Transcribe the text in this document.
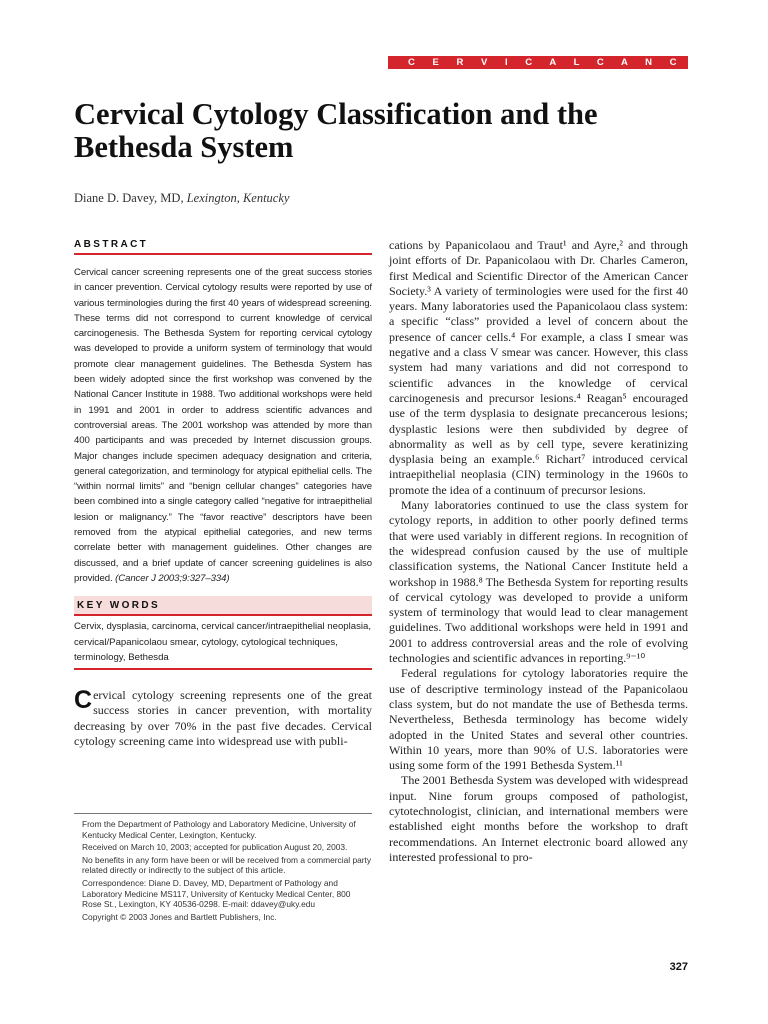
C E R V I C A L C A N C E R
Cervical Cytology Classification and the Bethesda System

Diane D. Davey, MD, Lexington, Kentucky

ABSTRACT

Cervical cancer screening represents one of the great success stories in cancer prevention. Cervical cytology results were reported by use of various terminologies during the first 40 years of widespread screening. These terms did not correspond to current knowledge of cervical carcinogenesis. The Bethesda System for reporting cervical cytology was developed to provide a uniform system of terminology that would promote clear management guidelines. The Bethesda System has been widely adopted since the first workshop was convened by the National Cancer Institute in 1988. Two additional workshops were held in 1991 and 2001 in order to address scientific advances and controversial areas. The 2001 workshop was attended by more than 400 participants and was preceded by Internet discussion groups. Major changes include specimen adequacy designation and criteria, general categorization, and terminology for atypical epithelial cells. The “within normal limits” and “benign cellular changes” categories have been combined into a single category called “negative for intraepithelial lesion or malignancy.” The “favor reactive” descriptors have been removed from the atypical epithelial categories, and new terms correlate better with management guidelines. Other changes are discussed, and a brief update of cancer screening guidelines is also provided. (Cancer J 2003;9:327–334)

KEY WORDS

Cervix, dysplasia, carcinoma, cervical cancer/intraepithelial neoplasia, cervical/Papanicolaou smear, cytology, cytological techniques, terminology, Bethesda

Cervical cytology screening represents one of the great success stories in cancer prevention, with mortality decreasing by over 70% in the past five decades. Cervical cytology screening came into widespread use with publi-

From the Department of Pathology and Laboratory Medicine, University of Kentucky Medical Center, Lexington, Kentucky.

Received on March 10, 2003; accepted for publication August 20, 2003.

No benefits in any form have been or will be received from a commercial party related directly or indirectly to the subject of this article.

Correspondence: Diane D. Davey, MD, Department of Pathology and Laboratory Medicine MS117, University of Kentucky Medical Center, 800 Rose St., Lexington, KY 40536-0298. E-mail: ddavey@uky.edu

Copyright © 2003 Jones and Bartlett Publishers, Inc.

cations by Papanicolaou and Traut¹ and Ayre,² and through joint efforts of Dr. Papanicolaou with Dr. Charles Cameron, first Medical and Scientific Director of the American Cancer Society.³ A variety of terminologies were used for the first 40 years. Many laboratories used the Papanicolaou class system: a specific “class” provided a level of concern about the presence of cancer cells.⁴ For example, a class I smear was negative and a class V smear was cancer. However, this class system had many variations and did not correspond to scientific advances in the knowledge of cervical carcinogenesis and precursor lesions.⁴ Reagan⁵ encouraged use of the term dysplasia to designate precancerous lesions; dysplastic lesions were then subdivided by degree of abnormality as well as by cell type, severe keratinizing dysplasia being an example.⁶ Richart⁷ introduced cervical intraepithelial neoplasia (CIN) terminology in the 1960s to promote the idea of a continuum of precursor lesions.

Many laboratories continued to use the class system for cytology reports, in addition to other poorly defined terms that were used variably in different regions. In recognition of the widespread confusion caused by the use of multiple classification systems, the National Cancer Institute held a workshop in 1988.⁸ The Bethesda System for reporting results of cervical cytology was developed to provide a uniform system of terminology that would lead to clear management guidelines. Two additional workshops were held in 1991 and 2001 to address controversial areas and the role of evolving technologies and scientific advances in reporting.⁹⁻¹⁰

Federal regulations for cytology laboratories require the use of descriptive terminology instead of the Papanicolaou class system, but do not mandate the use of Bethesda terms. Nevertheless, Bethesda terminology has become widely adopted in the United States and several other countries. Within 10 years, more than 90% of U.S. laboratories were using some form of the 1991 Bethesda System.¹¹

The 2001 Bethesda System was developed with widespread input. Nine forum groups composed of pathologist, cytotechnologist, clinician, and international members were established eight months before the workshop to draft recommendations. An Internet electronic board allowed any interested professional to pro-

327
